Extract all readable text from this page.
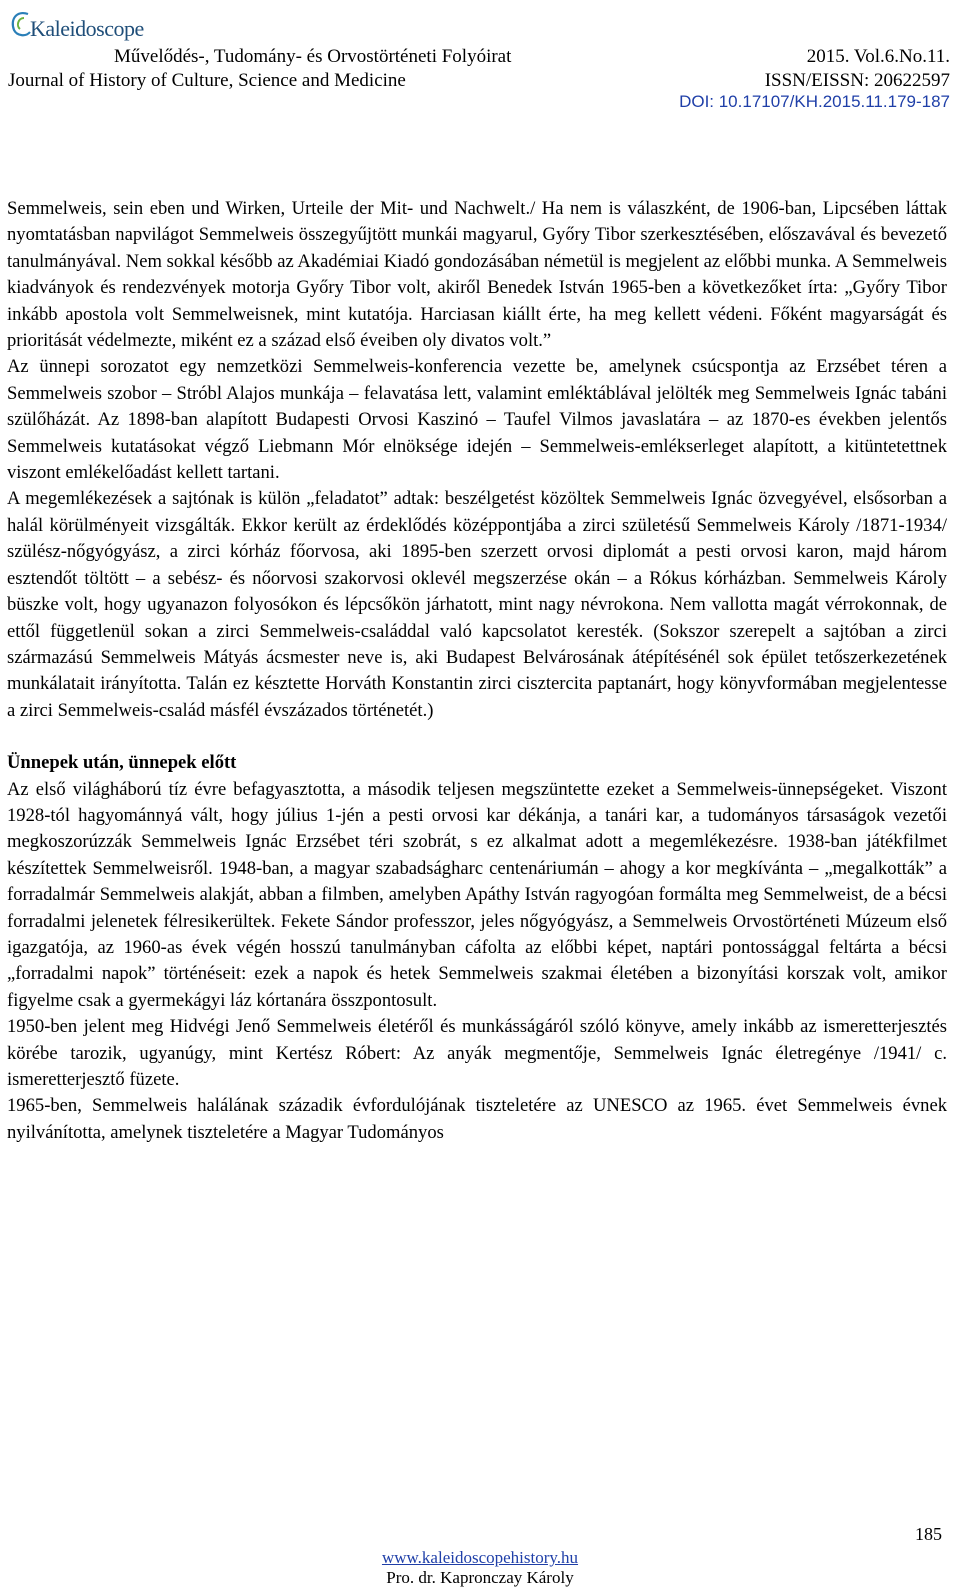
Kaleidoscope
Művelődés-, Tudomány- és Orvostörténeti Folyóirat	2015. Vol.6.No.11.
Journal of History of Culture, Science and Medicine	ISSN/EISSN: 20622597
DOI: 10.17107/KH.2015.11.179-187

Semmelweis, sein eben und Wirken, Urteile der Mit- und Nachwelt./ Ha nem is válaszként, de 1906-ban, Lipcsében láttak nyomtatásban napvilágot Semmelweis összegyűjtött munkái magyarul, Győry Tibor szerkesztésében, előszavával és bevezető tanulmányával. Nem sokkal később az Akadémiai Kiadó gondozásában németül is megjelent az előbbi munka. A Semmelweis kiadványok és rendezvények motorja Győry Tibor volt, akiről Benedek István 1965-ben a következőket írta: „Győry Tibor inkább apostola volt Semmelweisnek, mint kutatója. Harciasan kiállt érte, ha meg kellett védeni. Főként magyarságát és prioritását védelmezte, miként ez a század első éveiben oly divatos volt.”

Az ünnepi sorozatot egy nemzetközi Semmelweis-konferencia vezette be, amelynek csúcspontja az Erzsébet téren a Semmelweis szobor – Stróbl Alajos munkája – felavatása lett, valamint emléktáblával jelölték meg Semmelweis Ignác tabáni szülőházát. Az 1898-ban alapított Budapesti Orvosi Kaszinó – Taufel Vilmos javaslatára – az 1870-es években jelentős Semmelweis kutatásokat végző Liebmann Mór elnöksége idején – Semmelweis-emlékserleget alapított, a kitüntetettnek viszont emlékelőadást kellett tartani.

A megemlékezések a sajtónak is külön „feladatot” adtak: beszélgetést közöltek Semmelweis Ignác özvegyével, elsősorban a halál körülményeit vizsgálták. Ekkor került az érdeklődés középpontjába a zirci születésű Semmelweis Károly /1871-1934/ szülész-nőgyógyász, a zirci kórház főorvosa, aki 1895-ben szerzett orvosi diplomát a pesti orvosi karon, majd három esztendőt töltött – a sebész- és nőorvosi szakorvosi oklevél megszerzése okán – a Rókus kórházban. Semmelweis Károly büszke volt, hogy ugyanazon folyosókon és lépcsőkön járhatott, mint nagy névrokona. Nem vallotta magát vérrokonnak, de ettől függetlenül sokan a zirci Semmelweis-családdal való kapcsolatot keresték. (Sokszor szerepelt a sajtóban a zirci származású Semmelweis Mátyás ácsmester neve is, aki Budapest Belvárosának átépítésénél sok épület tetőszerkezetének munkálatait irányította. Talán ez késztette Horváth Konstantin zirci cisztercita paptanárt, hogy könyvformában megjelentesse a zirci Semmelweis-család másfél évszázados történetét.)

Ünnepek után, ünnepek előtt

Az első világháború tíz évre befagyasztotta, a második teljesen megszüntette ezeket a Semmelweis-ünnepségeket. Viszont 1928-tól hagyománnyá vált, hogy július 1-jén a pesti orvosi kar dékánja, a tanári kar, a tudományos társaságok vezetői megkoszorúzzák Semmelweis Ignác Erzsébet téri szobrát, s ez alkalmat adott a megemlékezésre. 1938-ban játékfilmet készítettek Semmelweisről. 1948-ban, a magyar szabadságharc centenáriumán – ahogy a kor megkívánta – „megalkották” a forradalmár Semmelweis alakját, abban a filmben, amelyben Apáthy István ragyogóan formálta meg Semmelweist, de a bécsi forradalmi jelenetek félresikerültek. Fekete Sándor professzor, jeles nőgyógyász, a Semmelweis Orvostörténeti Múzeum első igazgatója, az 1960-as évek végén hosszú tanulmányban cáfolta az előbbi képet, naptári pontossággal feltárta a bécsi „forradalmi napok” történéseit: ezek a napok és hetek Semmelweis szakmai életében a bizonyítási korszak volt, amikor figyelme csak a gyermekágyi láz kórtanára összpontosult.

1950-ben jelent meg Hidvégi Jenő Semmelweis életéről és munkásságáról szóló könyve, amely inkább az ismeretterjesztés körébe tarozik, ugyanúgy, mint Kertész Róbert: Az anyák megmentője, Semmelweis Ignác életregénye /1941/ c. ismeretterjesztő füzete.

1965-ben, Semmelweis halálának századik évfordulójának tiszteletére az UNESCO az 1965. évet Semmelweis évnek nyilvánította, amelynek tiszteletére a Magyar Tudományos

185
www.kaleidoscopehistory.hu
Pro. dr. Kapronczay Károly
